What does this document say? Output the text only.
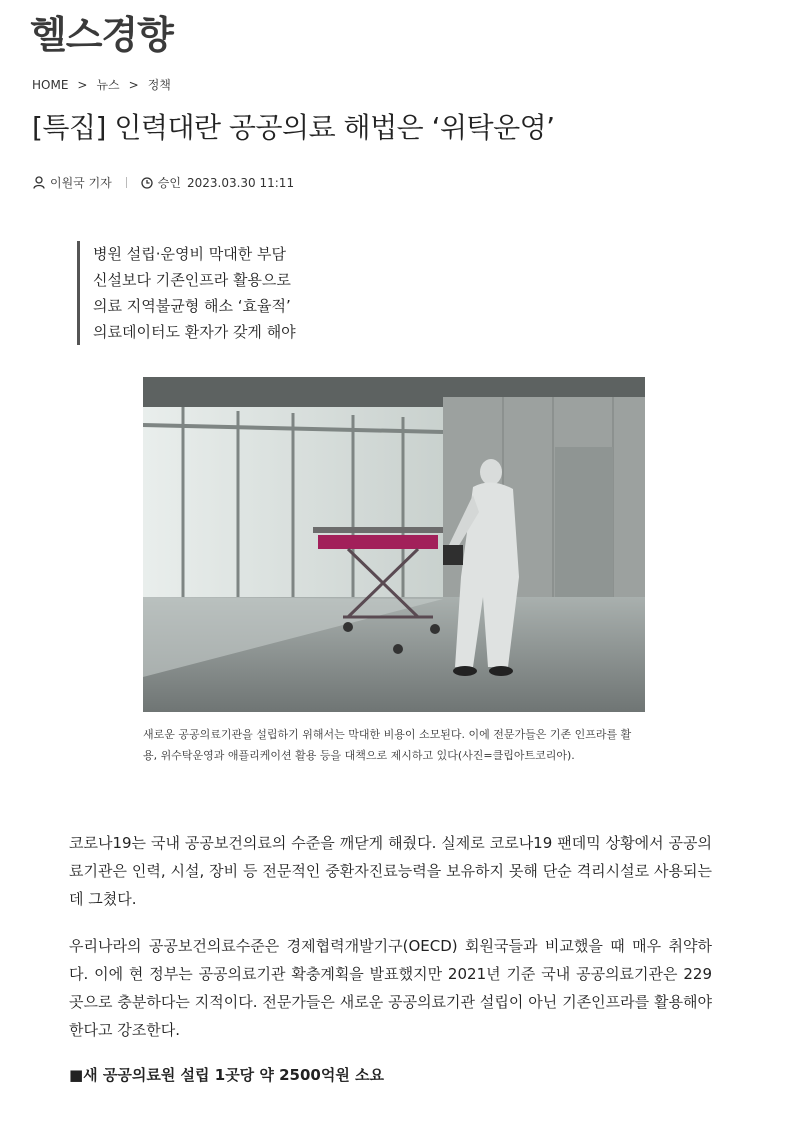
헬스경향
HOME > 뉴스 > 정책
[특집] 인력대란 공공의료 해법은 ‘위탁운영’
이원국 기자	승인 2023.03.30 11:11
병원 설립·운영비 막대한 부담
신설보다 기존인프라 활용으로
의료 지역불균형 해소 ‘효율적’
의료데이터도 환자가 갖게 해야
새로운 공공의료기관을 설립하기 위해서는 막대한 비용이 소모된다. 이에 전문가들은 기존 인프라를 활용, 위수탁운영과 애플리케이션 활용 등을 대책으로 제시하고 있다(사진=클립아트코리아).

코로나19는 국내 공공보건의료의 수준을 깨닫게 해줬다. 실제로 코로나19 팬데믹 상황에서 공공의료기관은 인력, 시설, 장비 등 전문적인 중환자진료능력을 보유하지 못해 단순 격리시설로 사용되는 데 그쳤다.

우리나라의 공공보건의료수준은 경제협력개발기구(OECD) 회원국들과 비교했을 때 매우 취약하다. 이에 현 정부는 공공의료기관 확충계획을 발표했지만 2021년 기준 국내 공공의료기관은 229곳으로 충분하다는 지적이다. 전문가들은 새로운 공공의료기관 설립이 아닌 기존인프라를 활용해야 한다고 강조한다.

■새 공공의료원 설립 1곳당 약 2500억원 소요
